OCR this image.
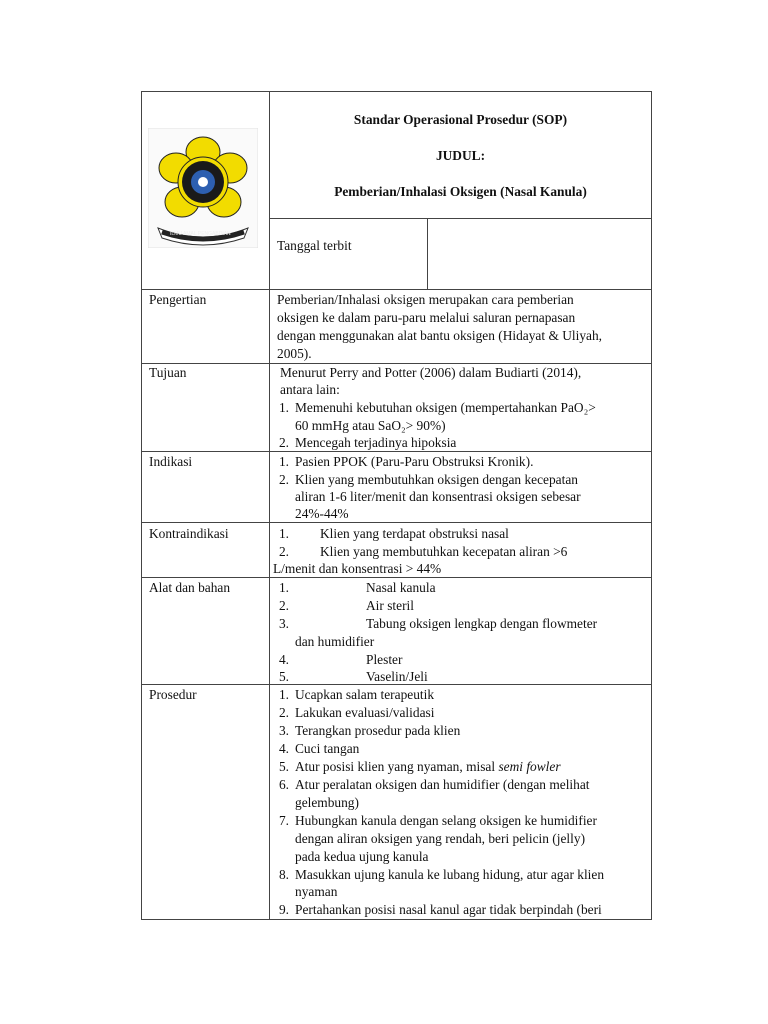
ILMU AMAL PENGABDIAN
Standar Operasional Prosedur (SOP)
JUDUL:
Pemberian/Inhalasi Oksigen (Nasal Kanula)
Tanggal terbit
Pengertian	Pemberian/Inhalasi oksigen merupakan cara pemberian
oksigen ke dalam paru-paru melalui saluran pernapasan
dengan menggunakan alat bantu oksigen (Hidayat & Uliyah,
2005).
Tujuan	Menurut Perry and Potter (2006) dalam Budiarti (2014),
antara lain:
1. Memenuhi kebutuhan oksigen (mempertahankan PaO₂>
60 mmHg atau SaO₂> 90%)
2. Mencegah terjadinya hipoksia
Indikasi	1. Pasien PPOK (Paru-Paru Obstruksi Kronik).
2. Klien yang membutuhkan oksigen dengan kecepatan
aliran 1-6 liter/menit dan konsentrasi oksigen sebesar
24%-44%
Kontraindikasi	1. Klien yang terdapat obstruksi nasal
2. Klien yang membutuhkan kecepatan aliran >6
L/menit dan konsentrasi > 44%
Alat dan bahan	1.	Nasal kanula
2.	Air steril
3.	Tabung oksigen lengkap dengan flowmeter
dan humidifier
4.	Plester
5.	Vaselin/Jeli
Prosedur	1. Ucapkan salam terapeutik
2. Lakukan evaluasi/validasi
3. Terangkan prosedur pada klien
4. Cuci tangan
5. Atur posisi klien yang nyaman, misal semi fowler
6. Atur peralatan oksigen dan humidifier (dengan melihat
gelembung)
7. Hubungkan kanula dengan selang oksigen ke humidifier
dengan aliran oksigen yang rendah, beri pelicin (jelly)
pada kedua ujung kanula
8. Masukkan ujung kanula ke lubang hidung, atur agar klien
nyaman
9. Pertahankan posisi nasal kanul agar tidak berpindah (beri
